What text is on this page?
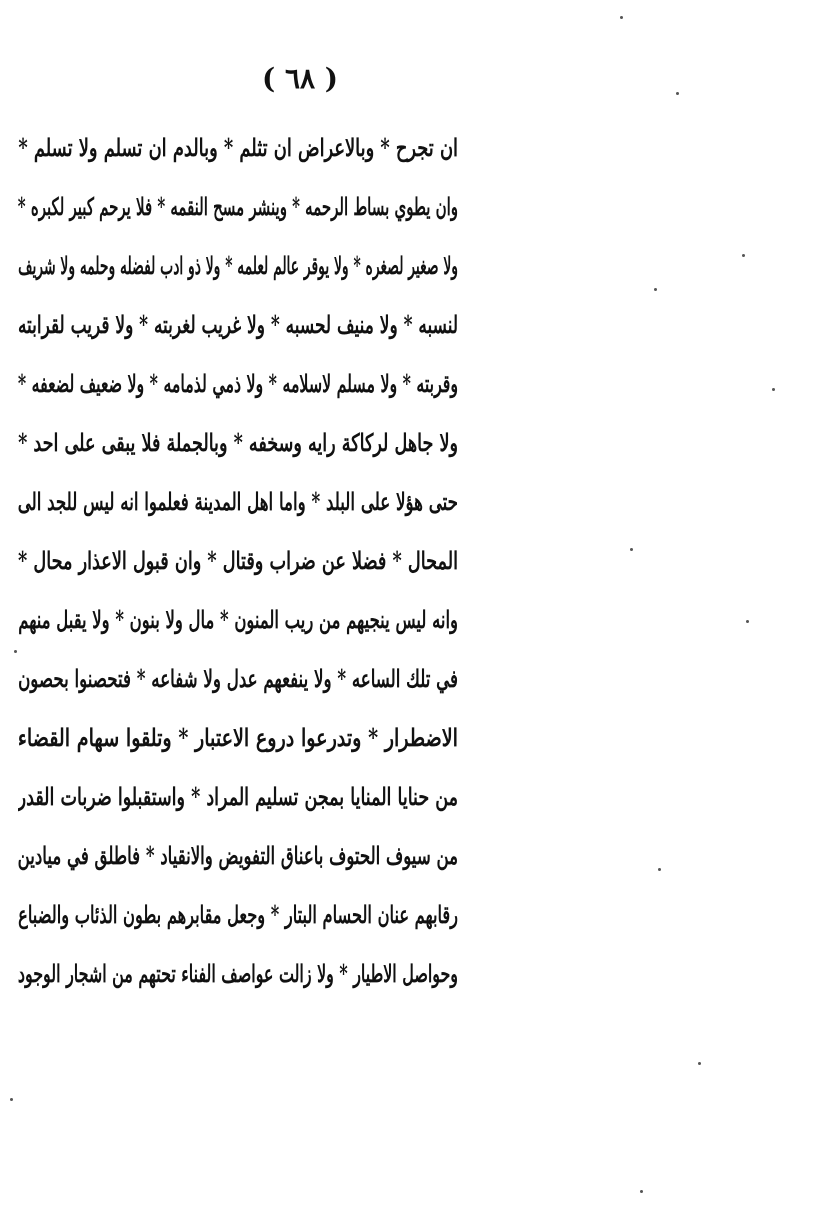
( ٦٨ )
ان تجرح * وبالاعراض ان تثلم * وبالدم ان تسلم ولا تسلم *
وان يطوي بساط الرحمه * وينشر مسح النقمه * فلا يرحم كبير لكبره *
ولا صغير لصغره * ولا يوقر عالم لعلمه * ولا ذو ادب لفضله وحلمه ولا شريف
لنسبه * ولا منيف لحسبه * ولا غريب لغربته * ولا قريب لقرابته
وقربته * ولا مسلم لاسلامه * ولا ذمي لذمامه * ولا ضعيف لضعفه *
ولا جاهل لركاكة رايه وسخفه * وبالجملة فلا يبقى على احد *
حتى هؤلا على البلد * واما اهل المدينة فعلموا انه ليس للجد الى
المحال * فضلا عن ضراب وقتال * وان قبول الاعذار محال *
وانه ليس ينجيهم من ريب المنون * مال ولا بنون * ولا يقبل منهم
في تلك الساعه * ولا ينفعهم عدل ولا شفاعه * فتحصنوا بحصون
الاضطرار * وتدرعوا دروع الاعتبار * وتلقوا سهام القضاء
من حنايا المنايا بمجن تسليم المراد * واستقبلوا ضربات القدر
من سيوف الحتوف باعناق التفويض والانقياد * فاطلق في ميادين
رقابهم عنان الحسام البتار * وجعل مقابرهم بطون الذئاب والضباع
وحواصل الاطيار * ولا زالت عواصف الفناء تحتهم من اشجار الوجود
